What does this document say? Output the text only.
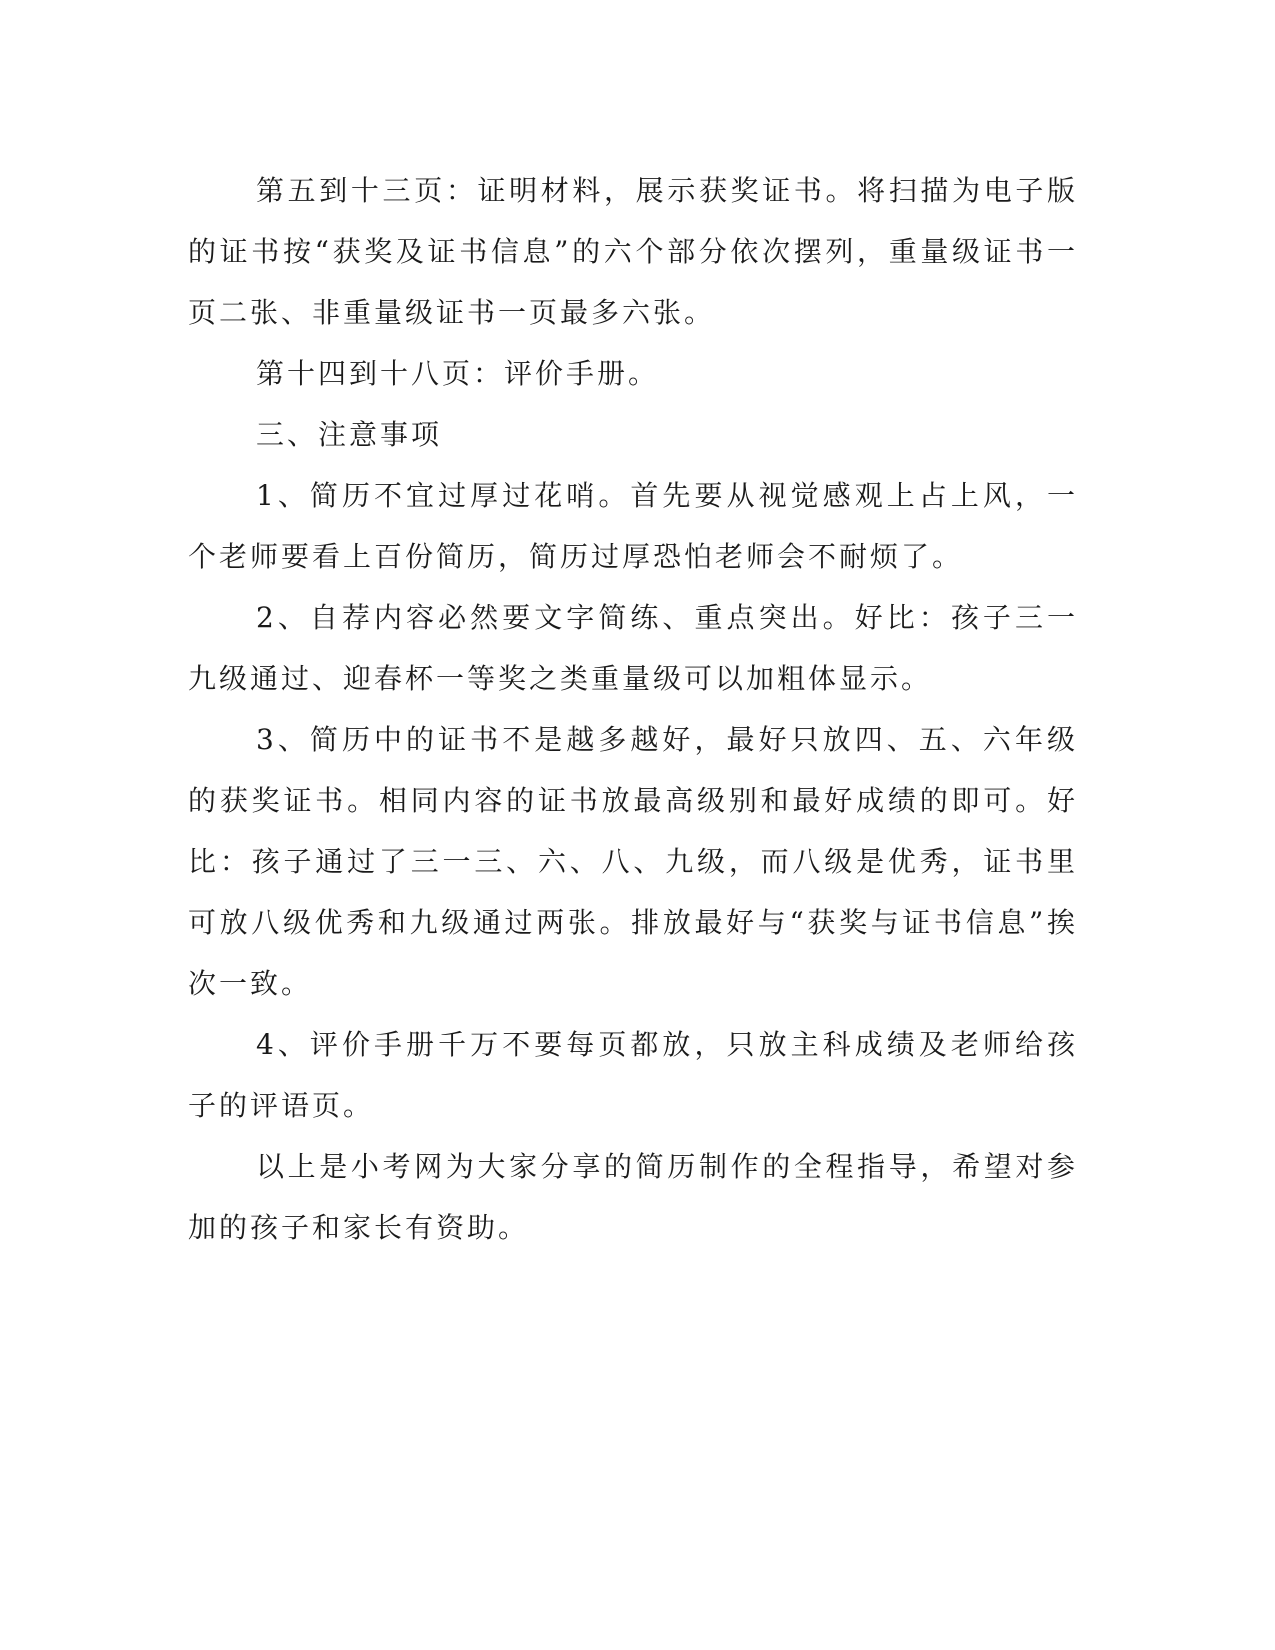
第五到十三页：证明材料，展示获奖证书。将扫描为电子版的证书按“获奖及证书信息”的六个部分依次摆列，重量级证书一页二张、非重量级证书一页最多六张。

第十四到十八页：评价手册。

三、注意事项

1、简历不宜过厚过花哨。首先要从视觉感观上占上风，一个老师要看上百份简历，简历过厚恐怕老师会不耐烦了。

2、自荐内容必然要文字简练、重点突出。好比：孩子三一九级通过、迎春杯一等奖之类重量级可以加粗体显示。

3、简历中的证书不是越多越好，最好只放四、五、六年级的获奖证书。相同内容的证书放最高级别和最好成绩的即可。好比：孩子通过了三一三、六、八、九级，而八级是优秀，证书里可放八级优秀和九级通过两张。排放最好与“获奖与证书信息”挨次一致。

4、评价手册千万不要每页都放，只放主科成绩及老师给孩子的评语页。

以上是小考网为大家分享的简历制作的全程指导，希望对参加的孩子和家长有资助。
